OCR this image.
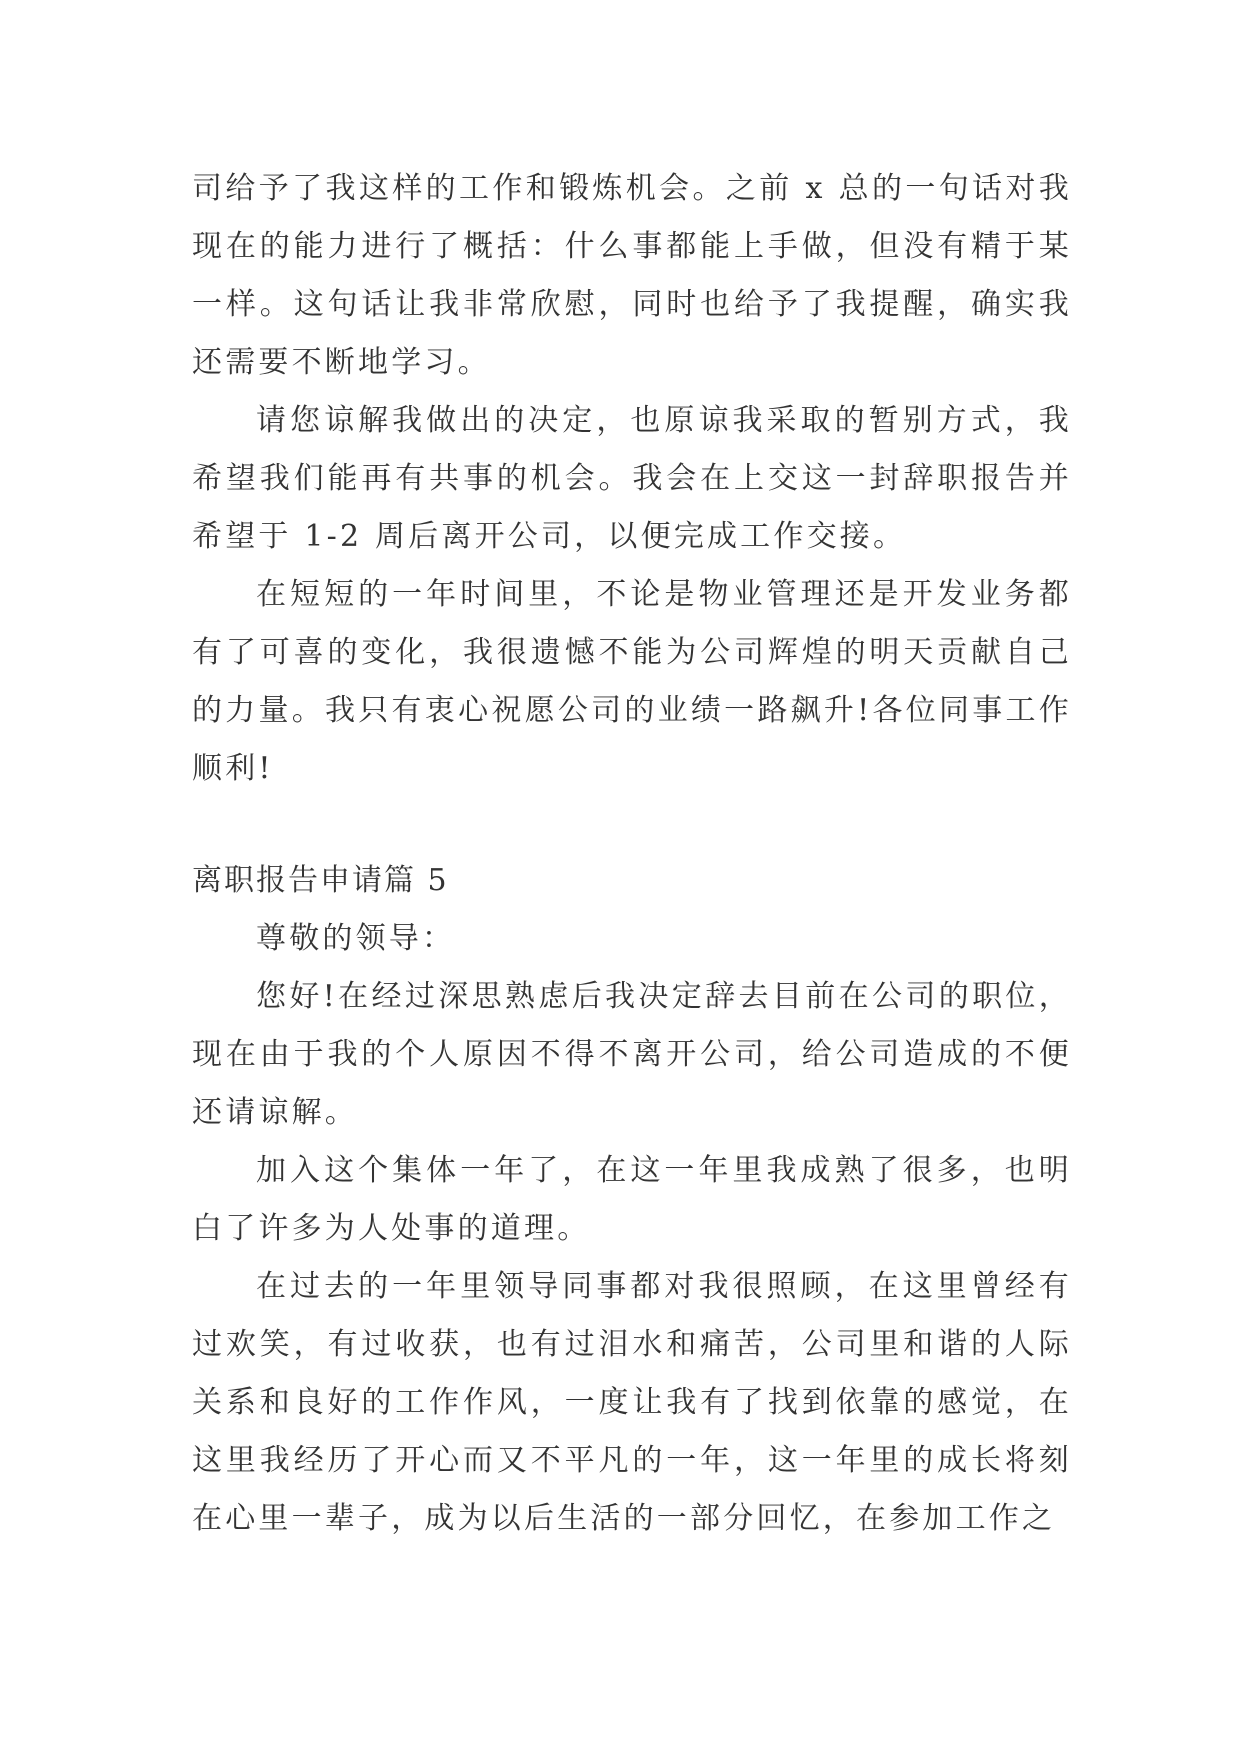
司给予了我这样的工作和锻炼机会。之前 x 总的一句话对我现在的能力进行了概括：什么事都能上手做，但没有精于某一样。这句话让我非常欣慰，同时也给予了我提醒，确实我还需要不断地学习。

请您谅解我做出的决定，也原谅我采取的暂别方式，我希望我们能再有共事的机会。我会在上交这一封辞职报告并希望于 1-2 周后离开公司，以便完成工作交接。

在短短的一年时间里，不论是物业管理还是开发业务都有了可喜的变化，我很遗憾不能为公司辉煌的明天贡献自己的力量。我只有衷心祝愿公司的业绩一路飙升!各位同事工作顺利!

离职报告申请篇 5

尊敬的领导：

您好!在经过深思熟虑后我决定辞去目前在公司的职位，现在由于我的个人原因不得不离开公司，给公司造成的不便还请谅解。

加入这个集体一年了，在这一年里我成熟了很多，也明白了许多为人处事的道理。

在过去的一年里领导同事都对我很照顾，在这里曾经有过欢笑，有过收获，也有过泪水和痛苦，公司里和谐的人际关系和良好的工作作风，一度让我有了找到依靠的感觉，在这里我经历了开心而又不平凡的一年，这一年里的成长将刻在心里一辈子，成为以后生活的一部分回忆，在参加工作之
